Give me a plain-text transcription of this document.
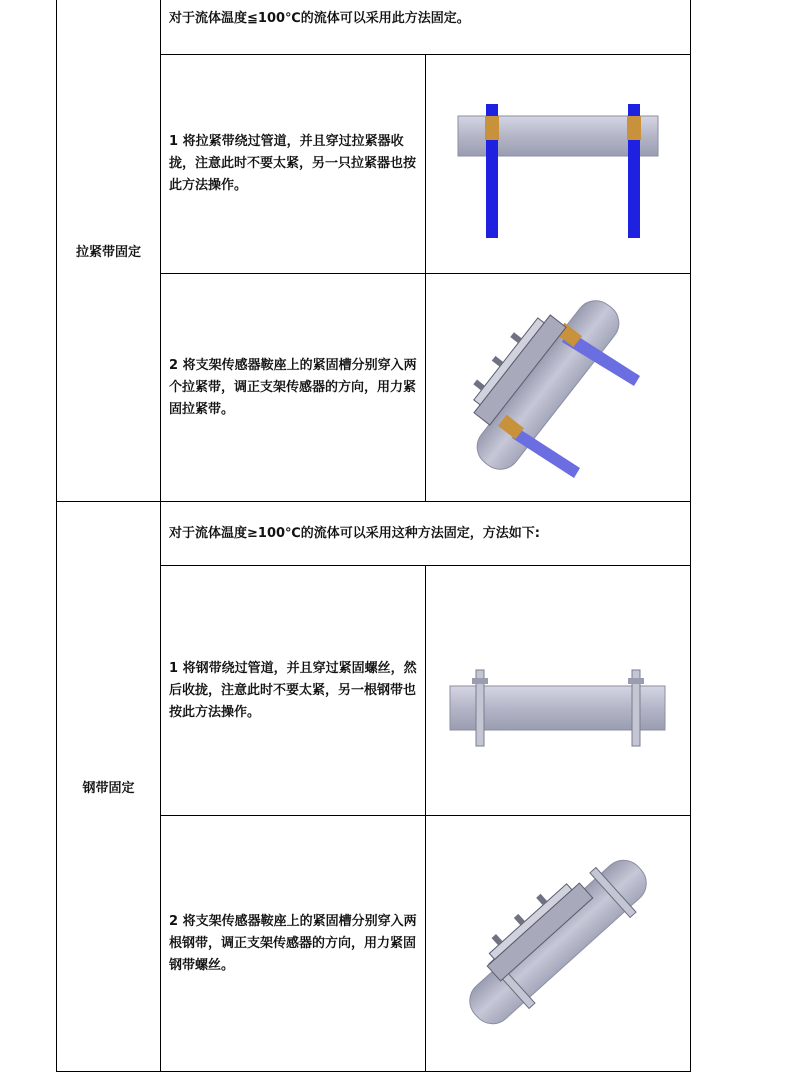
拉紧带固定
对于流体温度≦100℃的流体可以采用此方法固定。
1 将拉紧带绕过管道，并且穿过拉紧器收拢，注意此时不要太紧，另一只拉紧器也按此方法操作。
2 将支架传感器鞍座上的紧固槽分别穿入两个拉紧带，调正支架传感器的方向，用力紧固拉紧带。
钢带固定
对于流体温度≥100℃的流体可以采用这种方法固定，方法如下:
1 将钢带绕过管道，并且穿过紧固螺丝，然后收拢，注意此时不要太紧，另一根钢带也按此方法操作。
2 将支架传感器鞍座上的紧固槽分别穿入两根钢带，调正支架传感器的方向，用力紧固钢带螺丝。
